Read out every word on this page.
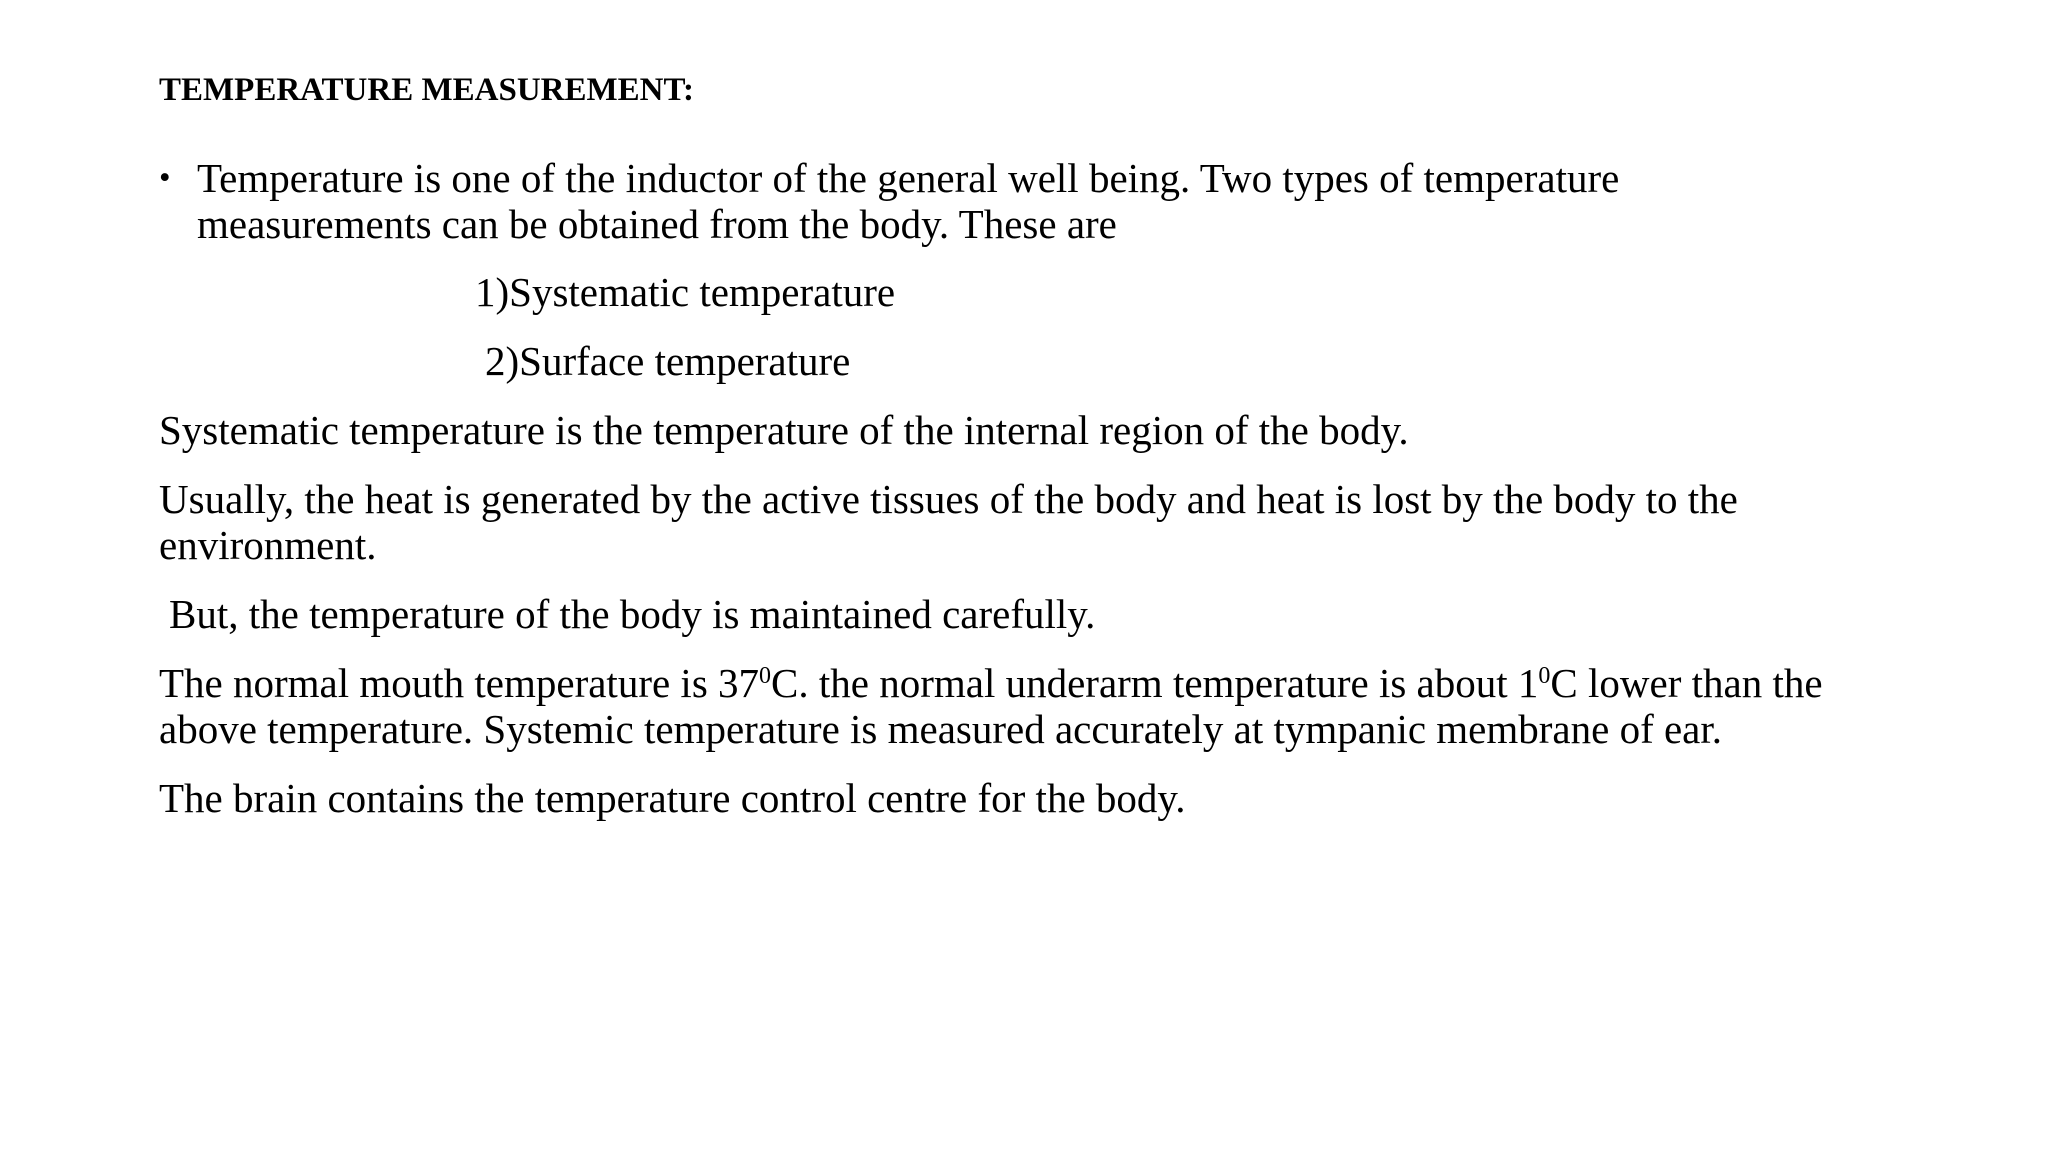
TEMPERATURE MEASUREMENT:
• Temperature is one of the inductor of the general well being. Two types of temperature measurements can be obtained from the body. These are
1)Systematic temperature
2)Surface temperature
Systematic temperature is the temperature of the internal region of the body.
Usually, the heat is generated by the active tissues of the body and heat is lost by the body to the environment.
But, the temperature of the body is maintained carefully.
The normal mouth temperature is $37^0C$. the normal underarm temperature is about $1^0C$ lower than the above temperature. Systemic temperature is measured accurately at tympanic membrane of ear.
The brain contains the temperature control centre for the body.
